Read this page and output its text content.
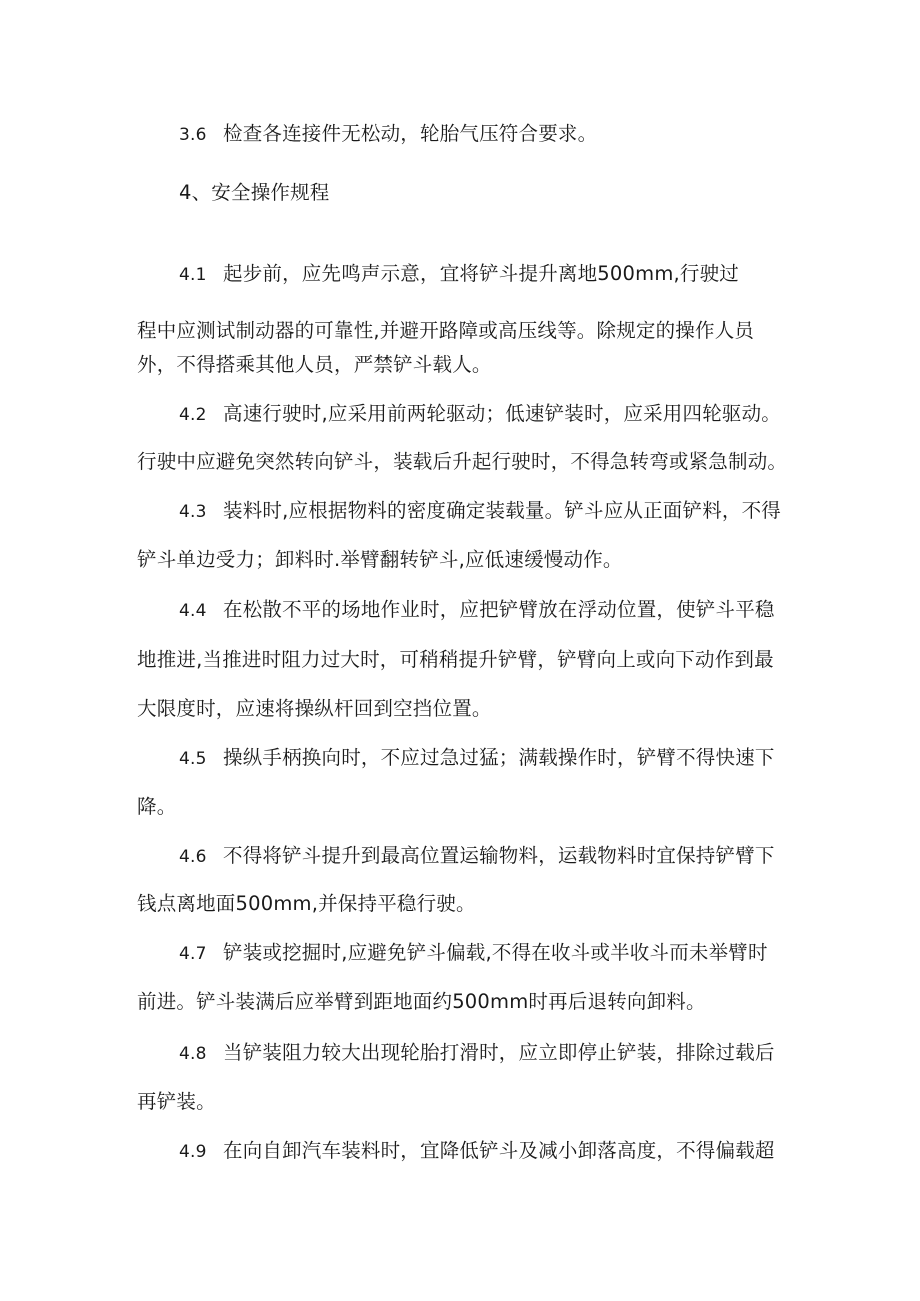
3.6 检查各连接件无松动，轮胎气压符合要求。
4、安全操作规程
4.1 起步前，应先鸣声示意，宜将铲斗提升离地500mm,行驶过
程中应测试制动器的可靠性,并避开路障或高压线等。除规定的操作人员
外，不得搭乘其他人员，严禁铲斗载人。
4.2 高速行驶时,应采用前两轮驱动；低速铲装时，应采用四轮驱动。
行驶中应避免突然转向铲斗，装载后升起行驶时，不得急转弯或紧急制动。
4.3 装料时,应根据物料的密度确定装载量。铲斗应从正面铲料，不得
铲斗单边受力；卸料时.举臂翻转铲斗,应低速缓慢动作。
4.4 在松散不平的场地作业时，应把铲臂放在浮动位置，使铲斗平稳
地推进,当推进时阻力过大时，可稍稍提升铲臂，铲臂向上或向下动作到最
大限度时，应速将操纵杆回到空挡位置。
4.5 操纵手柄换向时，不应过急过猛；满载操作时，铲臂不得快速下
降。
4.6 不得将铲斗提升到最高位置运输物料，运载物料时宜保持铲臂下
钱点离地面500mm,并保持平稳行驶。
4.7 铲装或挖掘时,应避免铲斗偏载,不得在收斗或半收斗而未举臂时
前进。铲斗装满后应举臂到距地面约500mm时再后退转向卸料。
4.8 当铲装阻力较大出现轮胎打滑时，应立即停止铲装，排除过载后
再铲装。
4.9 在向自卸汽车装料时，宜降低铲斗及减小卸落高度，不得偏载超
